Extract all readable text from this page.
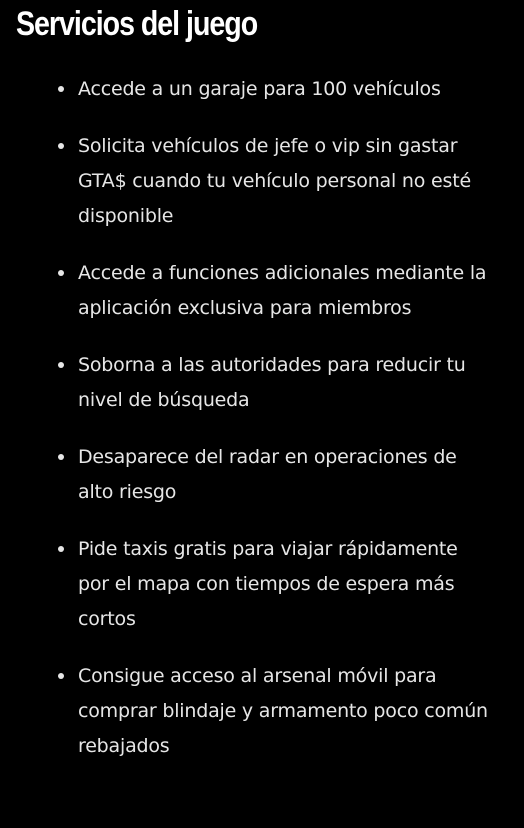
Servicios del juego
Accede a un garaje para 100 vehículos
Solicita vehículos de jefe o vip sin gastar GTA$ cuando tu vehículo personal no esté disponible
Accede a funciones adicionales mediante la aplicación exclusiva para miembros
Soborna a las autoridades para reducir tu nivel de búsqueda
Desaparece del radar en operaciones de alto riesgo
Pide taxis gratis para viajar rápidamente por el mapa con tiempos de espera más cortos
Consigue acceso al arsenal móvil para comprar blindaje y armamento poco común rebajados
